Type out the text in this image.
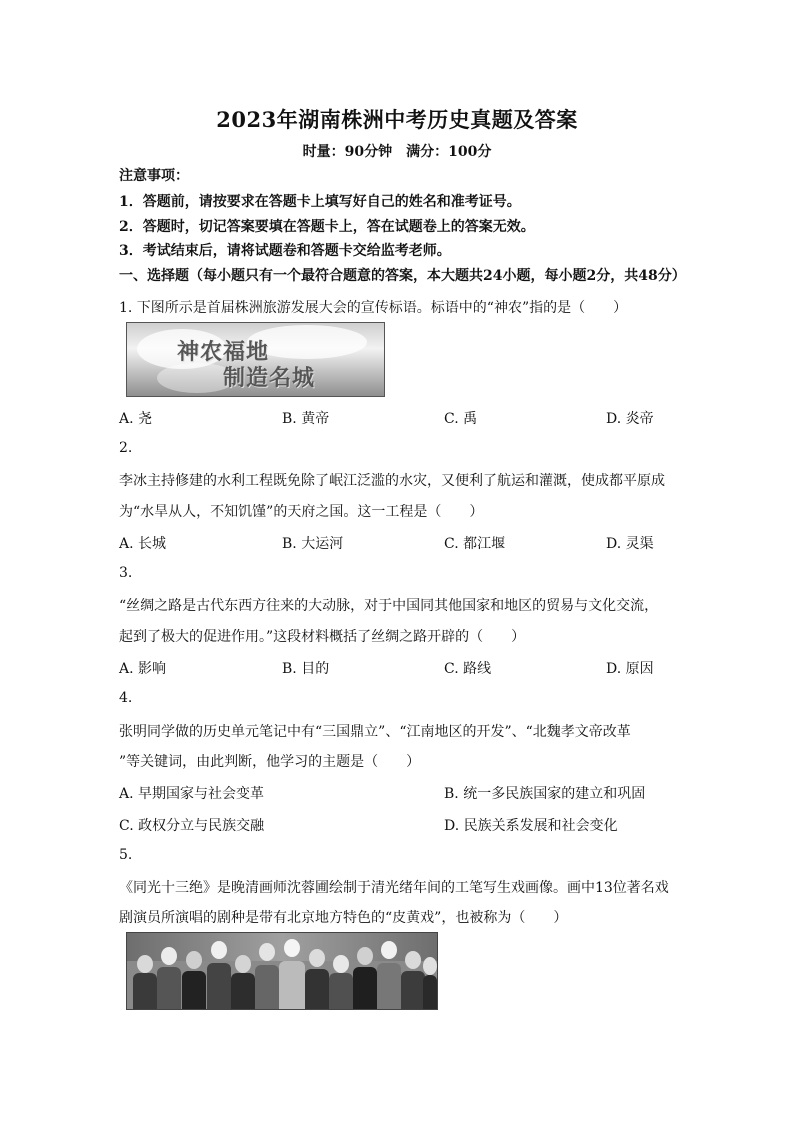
2023年湖南株洲中考历史真题及答案
时量：90分钟　满分：100分
注意事项：
1．答题前，请按要求在答题卡上填写好自己的姓名和准考证号。
2．答题时，切记答案要填在答题卡上，答在试题卷上的答案无效。
3．考试结束后，请将试题卷和答题卡交给监考老师。
一、选择题（每小题只有一个最符合题意的答案，本大题共24小题，每小题2分，共48分）
1. 下图所示是首届株洲旅游发展大会的宣传标语。标语中的“神农”指的是（　　）
神农福地
制造名城
A. 尧	B. 黄帝	C. 禹	D. 炎帝
2.
李冰主持修建的水利工程既免除了岷江泛滥的水灾，又便利了航运和灌溉，使成都平原成
为“水旱从人，不知饥馑”的天府之国。这一工程是（　　）
A. 长城	B. 大运河	C. 都江堰	D. 灵渠
3.
“丝绸之路是古代东西方往来的大动脉，对于中国同其他国家和地区的贸易与文化交流，
起到了极大的促进作用。”这段材料概括了丝绸之路开辟的（　　）
A. 影响	B. 目的	C. 路线	D. 原因
4.
张明同学做的历史单元笔记中有“三国鼎立”、“江南地区的开发”、“北魏孝文帝改革
”等关键词，由此判断，他学习的主题是（　　）
A. 早期国家与社会变革	B. 统一多民族国家的建立和巩固
C. 政权分立与民族交融	D. 民族关系发展和社会变化
5.
《同光十三绝》是晚清画师沈蓉圃绘制于清光绪年间的工笔写生戏画像。画中13位著名戏
剧演员所演唱的剧种是带有北京地方特色的“皮黄戏”，也被称为（　　）
